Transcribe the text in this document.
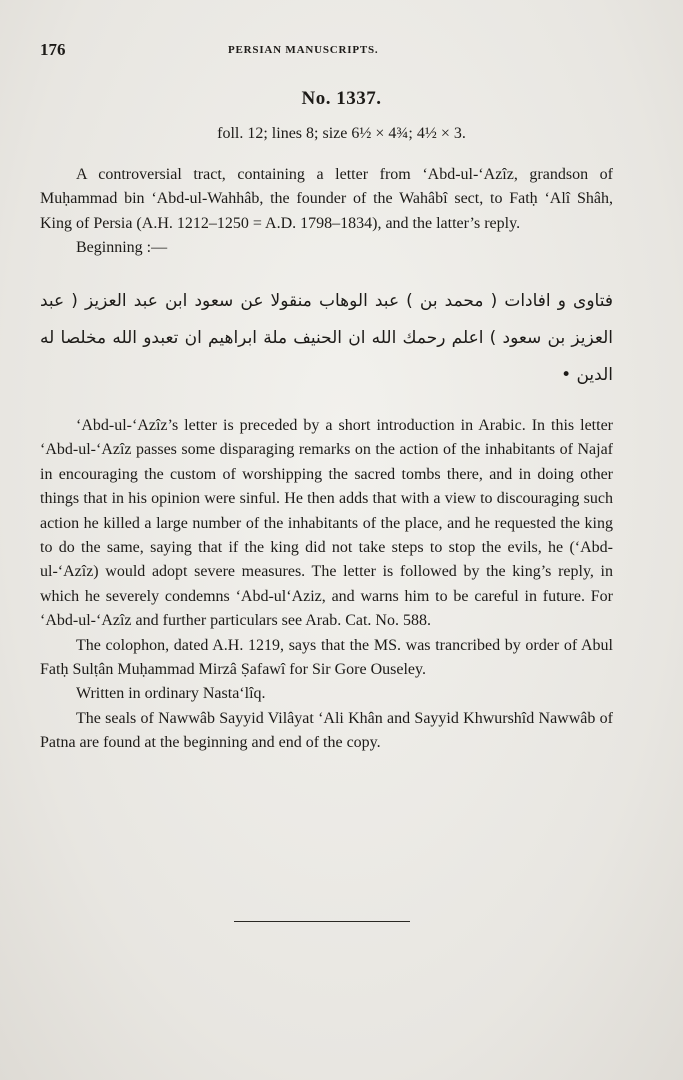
176	PERSIAN MANUSCRIPTS.
No. 1337.
foll. 12; lines 8; size 6½ × 4¾; 4½ × 3.

A controversial tract, containing a letter from ‘Abd-ul-‘Azîz, grandson of Muḥammad bin ‘Abd-ul-Wahhâb, the founder of the Wahâbî sect, to Fatḥ ‘Alî Shâh, King of Persia (A.H. 1212–1250 = A.D. 1798–1834), and the latter’s reply.

Beginning :—

فتاوى و افادات ( محمد بن ) عبد الوهاب منقولا عن سعود ابن عبد العزيز ( عبد العزيز بن سعود ) اعلم رحمك الله ان الحنيف ملة ابراهيم ان تعبدو الله مخلصا له الدين •

‘Abd-ul-‘Azîz’s letter is preceded by a short introduction in Arabic. In this letter ‘Abd-ul-‘Azîz passes some disparaging remarks on the action of the inhabitants of Najaf in encouraging the custom of worshipping the sacred tombs there, and in doing other things that in his opinion were sinful. He then adds that with a view to discouraging such action he killed a large number of the inhabitants of the place, and he requested the king to do the same, saying that if the king did not take steps to stop the evils, he (‘Abd-ul-‘Azîz) would adopt severe measures. The letter is followed by the king’s reply, in which he severely condemns ‘Abd-ul‘Aziz, and warns him to be careful in future. For ‘Abd-ul-‘Azîz and further particulars see Arab. Cat. No. 588.

The colophon, dated A.H. 1219, says that the MS. was trancribed by order of Abul Fatḥ Sulṭân Muḥammad Mirzâ Ṣafawî for Sir Gore Ouseley.

Written in ordinary Nasta‘lîq.

The seals of Nawwâb Sayyid Vilâyat ‘Ali Khân and Sayyid Khwurshîd Nawwâb of Patna are found at the beginning and end of the copy.
